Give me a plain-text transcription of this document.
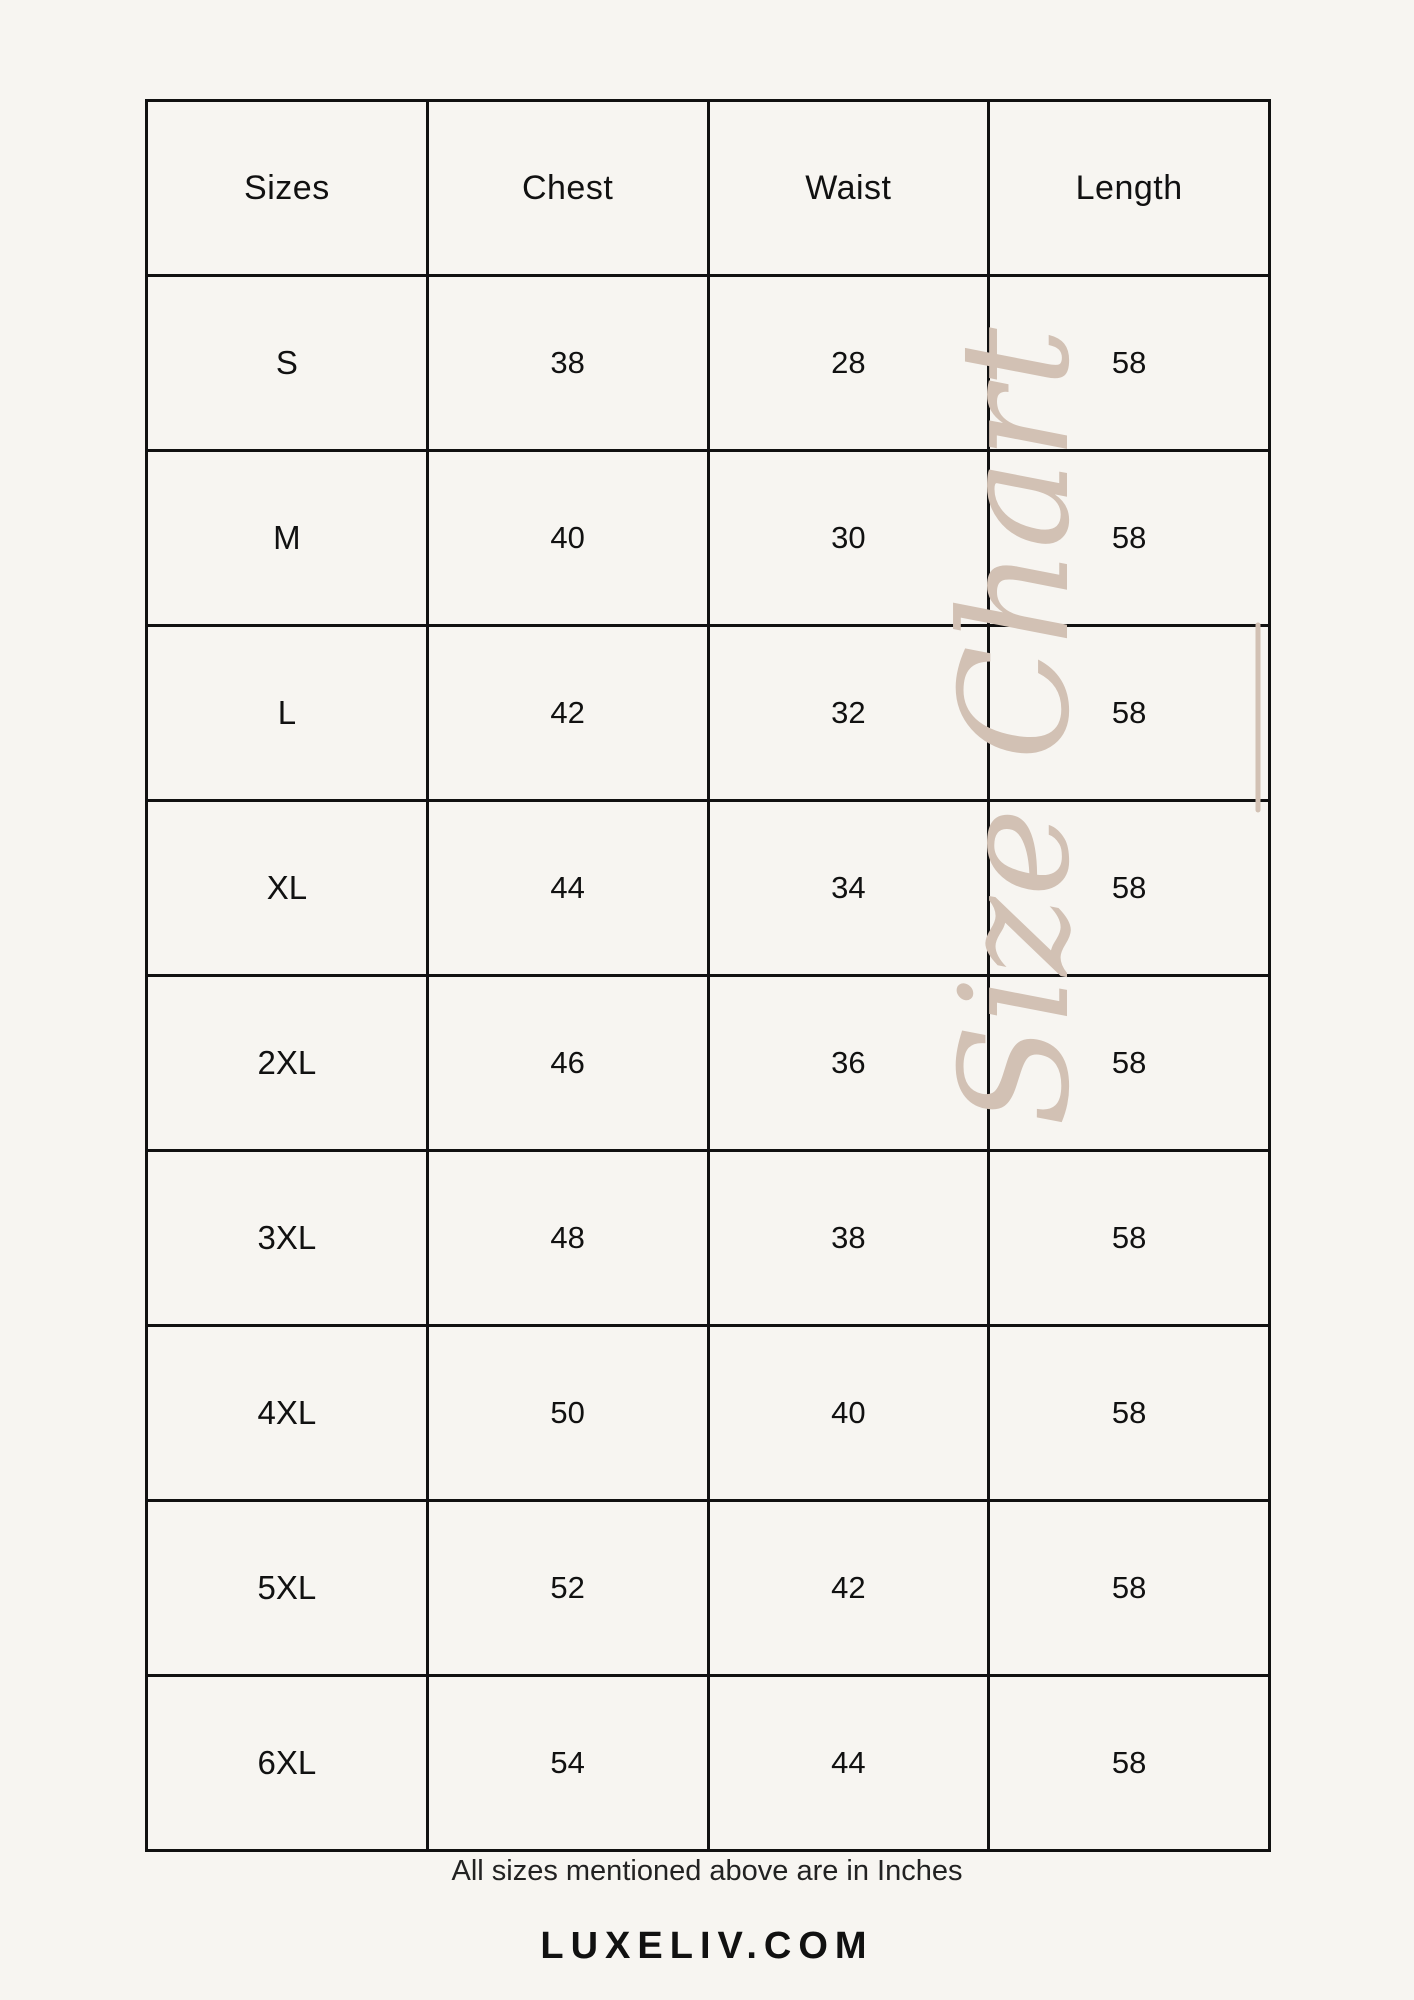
Sizes	Chest	Waist	Length
S	38	28	58
M	40	30	58
L	42	32	58
XL	44	34	58
2XL	46	36	58
3XL	48	38	58
4XL	50	40	58
5XL	52	42	58
6XL	54	44	58
Size Chart
All sizes mentioned above are in Inches
LUXELIV.COM
